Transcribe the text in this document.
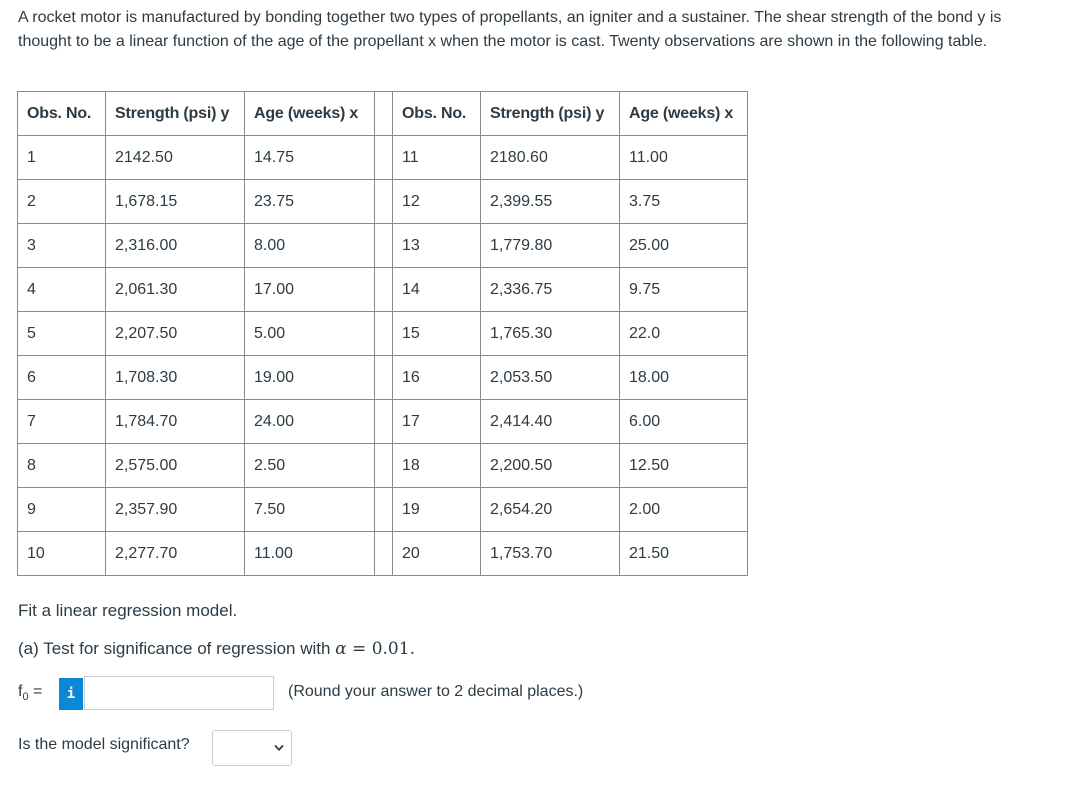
A rocket motor is manufactured by bonding together two types of propellants, an igniter and a sustainer. The shear strength of the bond y is thought to be a linear function of the age of the propellant x when the motor is cast. Twenty observations are shown in the following table.

Obs. No.	Strength (psi) y	Age (weeks) x		Obs. No.	Strength (psi) y	Age (weeks) x
1	2142.50	14.75		11	2180.60	11.00
2	1,678.15	23.75		12	2,399.55	3.75
3	2,316.00	8.00		13	1,779.80	25.00
4	2,061.30	17.00		14	2,336.75	9.75
5	2,207.50	5.00		15	1,765.30	22.0
6	1,708.30	19.00		16	2,053.50	18.00
7	1,784.70	24.00		17	2,414.40	6.00
8	2,575.00	2.50		18	2,200.50	12.50
9	2,357.90	7.50		19	2,654.20	2.00
10	2,277.70	11.00		20	1,753.70	21.50

Fit a linear regression model.

(a) Test for significance of regression with α = 0.01.

$f_0$ =	i	(Round your answer to 2 decimal places.)
Is the model significant?
